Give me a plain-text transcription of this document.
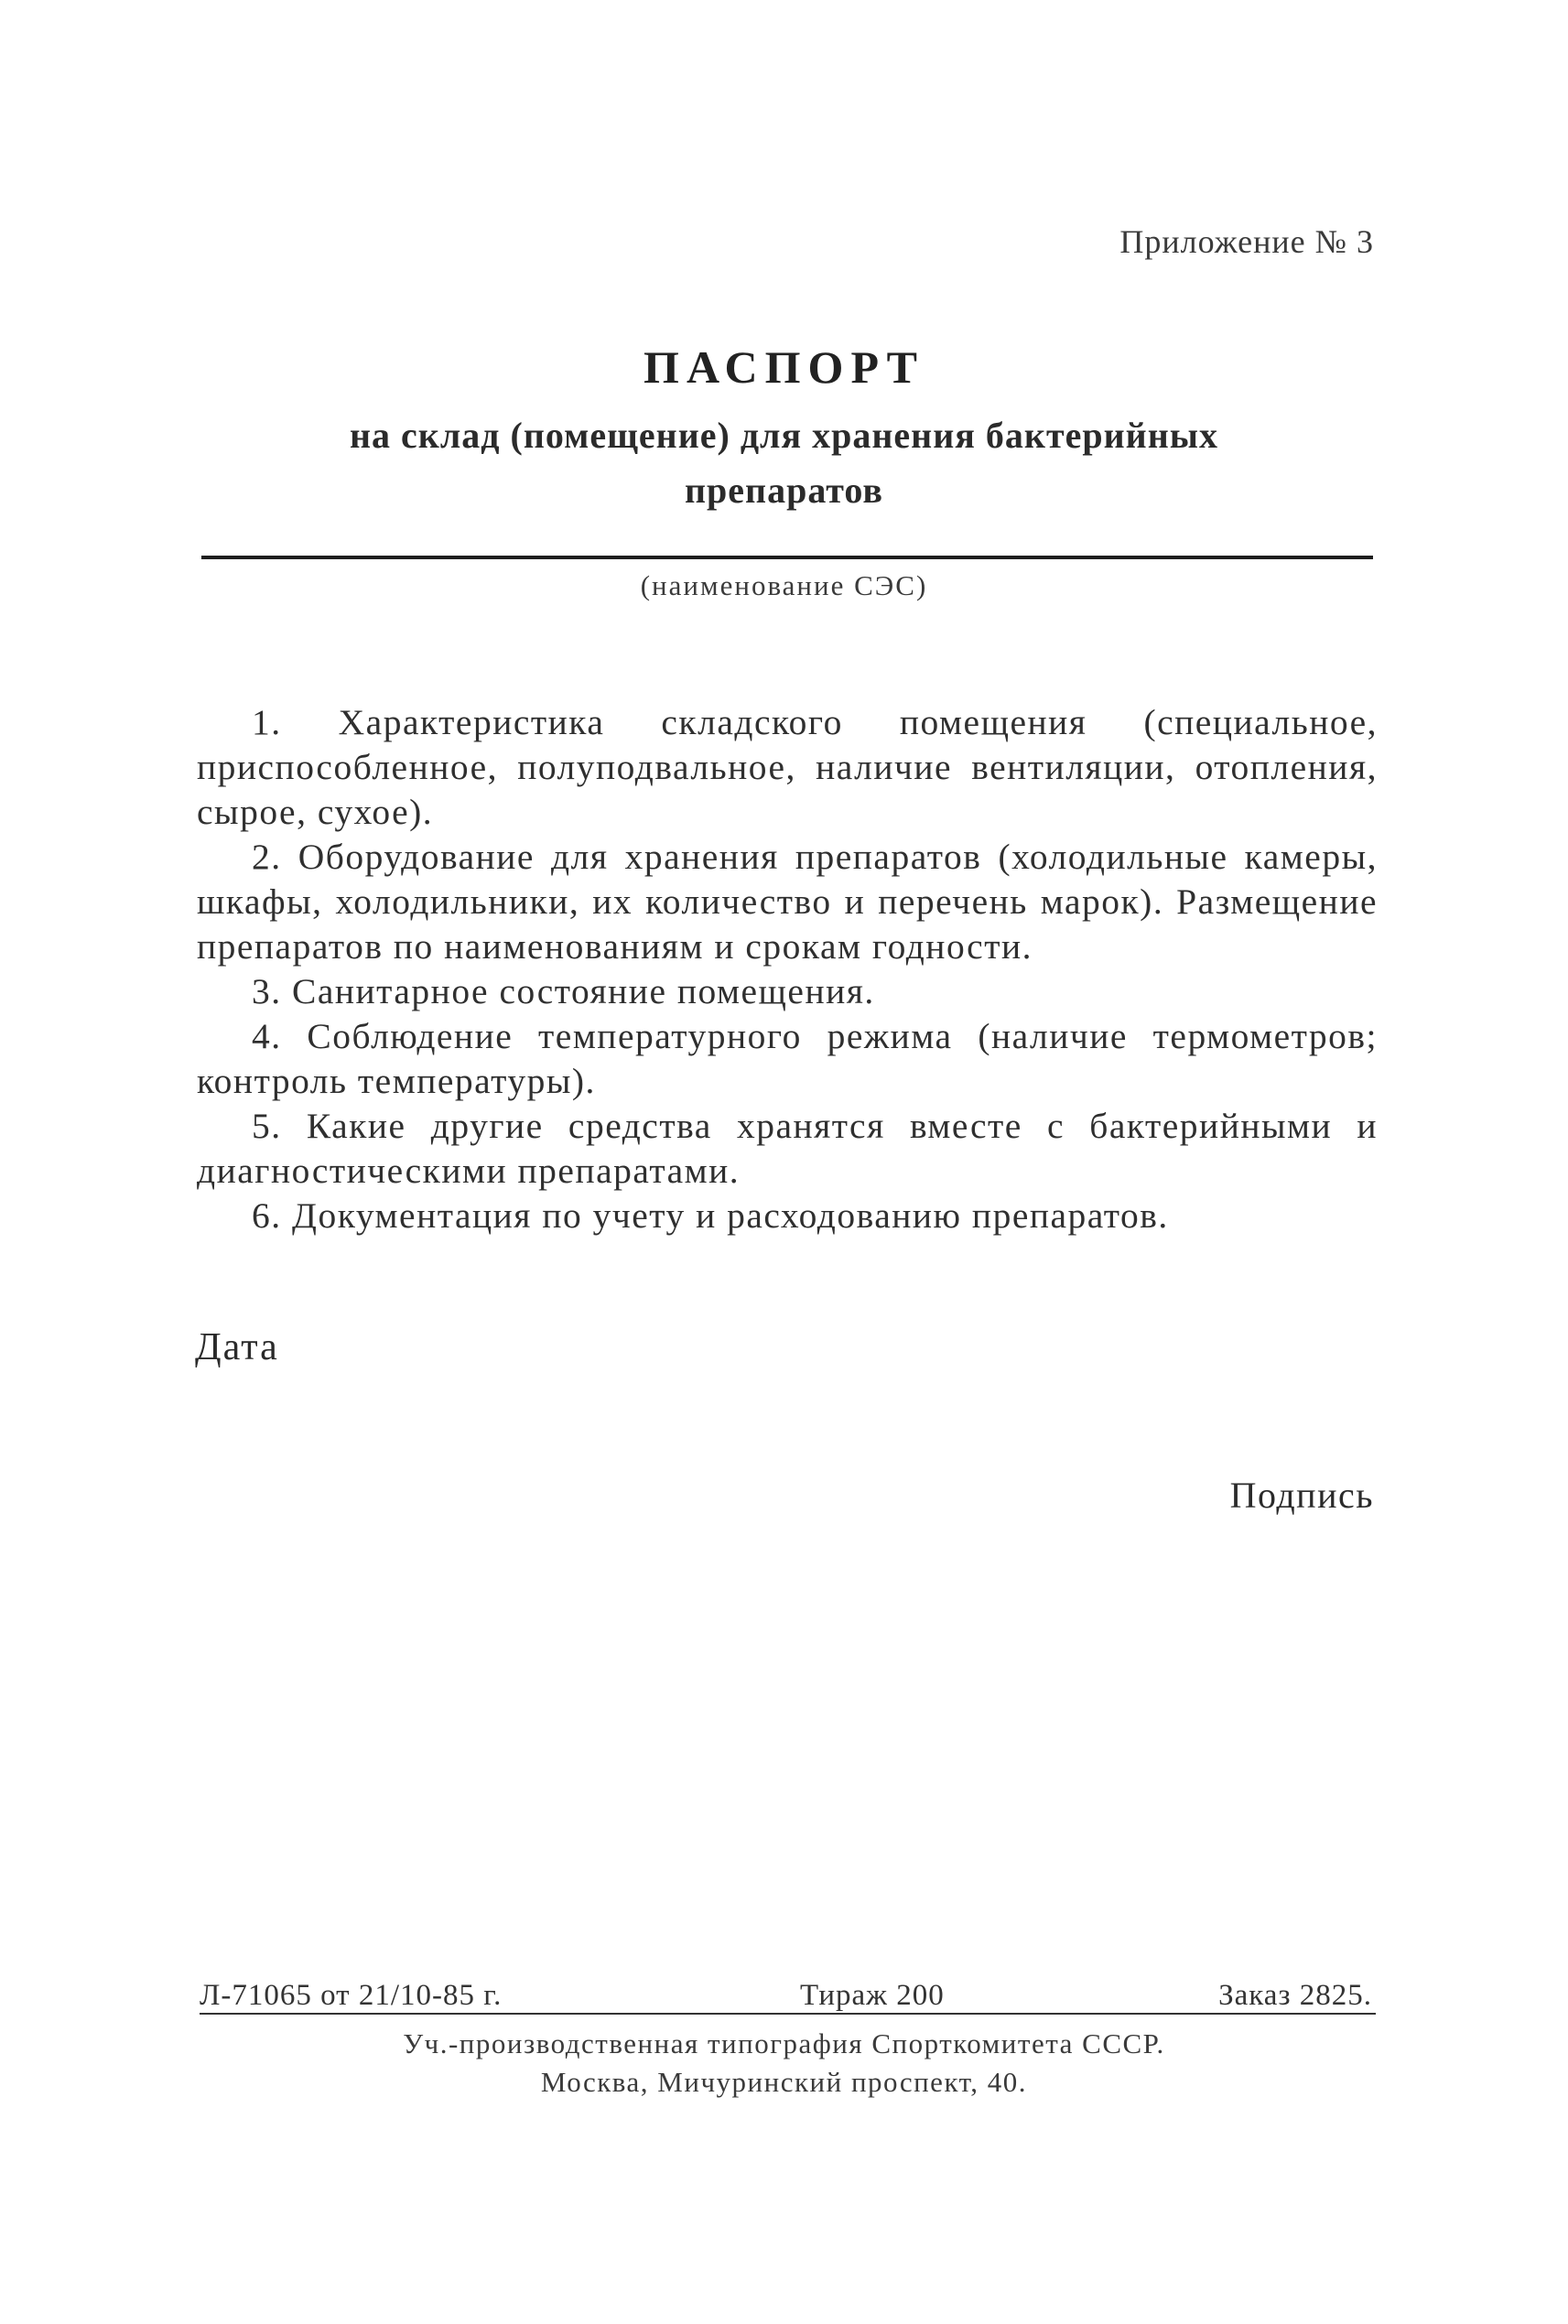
Приложение № 3
ПАСПОРТ
на склад (помещение) для хранения бактерийных
препаратов
(наименование СЭС)

1. Характеристика складского помещения (специальное, приспособленное, полуподвальное, наличие вентиляции, отопления, сырое, сухое).

2. Оборудование для хранения препаратов (холодильные камеры, шкафы, холодильники, их количество и перечень марок). Размещение препаратов по наименованиям и срокам годности.

3. Санитарное состояние помещения.

4. Соблюдение температурного режима (наличие термометров; контроль температуры).

5. Какие другие средства хранятся вместе с бактерийными и диагностическими препаратами.

6. Документация по учету и расходованию препаратов.

Дата
Подпись
Л-71065 от 21/10-85 г.	Тираж 200	Заказ 2825.
Уч.-производственная типография Спорткомитета СССР.
Москва, Мичуринский проспект, 40.
